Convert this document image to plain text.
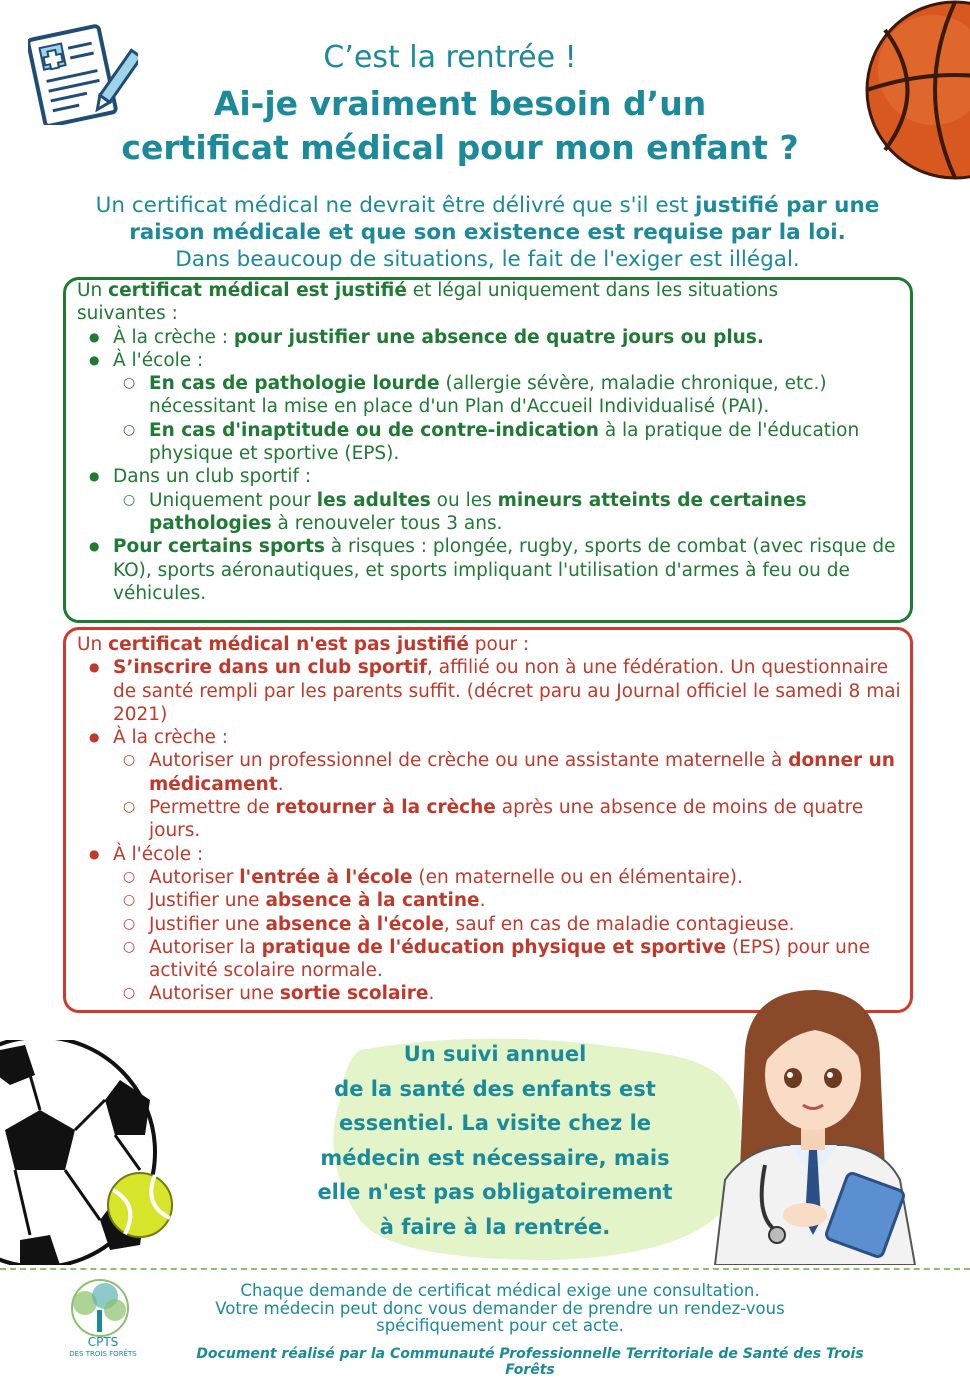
C’est la rentrée !
Ai-je vraiment besoin d’un
certificat médical pour mon enfant ?
Un certificat médical ne devrait être délivré que s'il est justifié par une raison médicale et que son existence est requise par la loi.
Dans beaucoup de situations, le fait de l'exiger est illégal.
Un certificat médical est justifié et légal uniquement dans les situations suivantes :
● À la crèche : pour justifier une absence de quatre jours ou plus.
● À l'école :
○ En cas de pathologie lourde (allergie sévère, maladie chronique, etc.) nécessitant la mise en place d'un Plan d'Accueil Individualisé (PAI).
○ En cas d'inaptitude ou de contre-indication à la pratique de l'éducation physique et sportive (EPS).
● Dans un club sportif :
○ Uniquement pour les adultes ou les mineurs atteints de certaines pathologies à renouveler tous 3 ans.
● Pour certains sports à risques : plongée, rugby, sports de combat (avec risque de KO), sports aéronautiques, et sports impliquant l'utilisation d'armes à feu ou de véhicules.
Un certificat médical n'est pas justifié pour :
● S’inscrire dans un club sportif, affilié ou non à une fédération. Un questionnaire de santé rempli par les parents suffit. (décret paru au Journal officiel le samedi 8 mai 2021)
● À la crèche :
○ Autoriser un professionnel de crèche ou une assistante maternelle à donner un médicament.
○ Permettre de retourner à la crèche après une absence de moins de quatre jours.
● À l'école :
○ Autoriser l'entrée à l'école (en maternelle ou en élémentaire).
○ Justifier une absence à la cantine.
○ Justifier une absence à l'école, sauf en cas de maladie contagieuse.
○ Autoriser la pratique de l'éducation physique et sportive (EPS) pour une activité scolaire normale.
○ Autoriser une sortie scolaire.
Un suivi annuel
de la santé des enfants est
essentiel. La visite chez le
médecin est nécessaire, mais
elle n'est pas obligatoirement
à faire à la rentrée.
CPTS
DES TROIS FORÊTS
Chaque demande de certificat médical exige une consultation.
Votre médecin peut donc vous demander de prendre un rendez-vous
spécifiquement pour cet acte.
Document réalisé par la Communauté Professionnelle Territoriale de Santé des Trois Forêts
